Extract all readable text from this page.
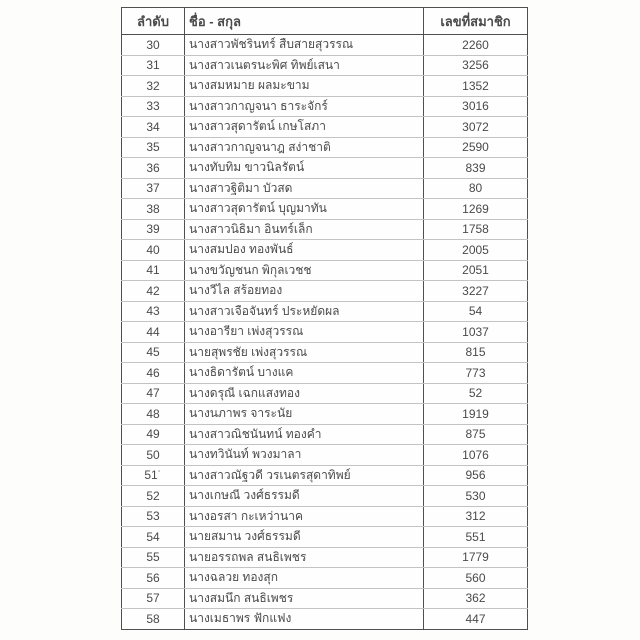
ลำดับ	ชื่อ - สกุล	เลขที่สมาชิก
30	นางสาวพัชรินทร์ สืบสายสุวรรณ	2260
31	นางสาวเนตรนะพิศ ทิพย์เสนา	3256
32	นางสมหมาย ผลมะขาม	1352
33	นางสาวกาญจนา ธาระจักร์	3016
34	นางสาวสุดารัตน์ เกษโสภา	3072
35	นางสาวกาญจนาฎ สง่าชาติ	2590
36	นางทับทิม ขาวนิลรัตน์	839
37	นางสาวฐิติมา บัวสด	80
38	นางสาวสุดารัตน์ บุญมาทัน	1269
39	นางสาวนิธิมา อินทร์เล็ก	1758
40	นางสมปอง ทองพันธ์	2005
41	นางขวัญชนก พิกุลเวชช	2051
42	นางวีไล สร้อยทอง	3227
43	นางสาวเจือจันทร์ ประหยัดผล	54
44	นางอารียา เพ่งสุวรรณ	1037
45	นายสุพรชัย เพ่งสุวรรณ	815
46	นางธิดารัตน์ บางแค	773
47	นางดรุณี เฉกแสงทอง	52
48	นางนภาพร จาระนัย	1919
49	นางสาวณิชนันทน์ ทองคำ	875
50	นางทวินันท์ พวงมาลา	1076
51˙	นางสาวณัฐวดี วรเนตรสุดาทิพย์	956
52	นางเกษณี วงศ์ธรรมดี	530
53	นางอรสา กะเหว่านาค	312
54	นายสมาน วงศ์ธรรมดี	551
55	นายอรรถพล สนธิเพชร	1779
56	นางฉลวย ทองสุก	560
57	นางสมนึก สนธิเพชร	362
58	นางเมธาพร ฟักแฟง	447
